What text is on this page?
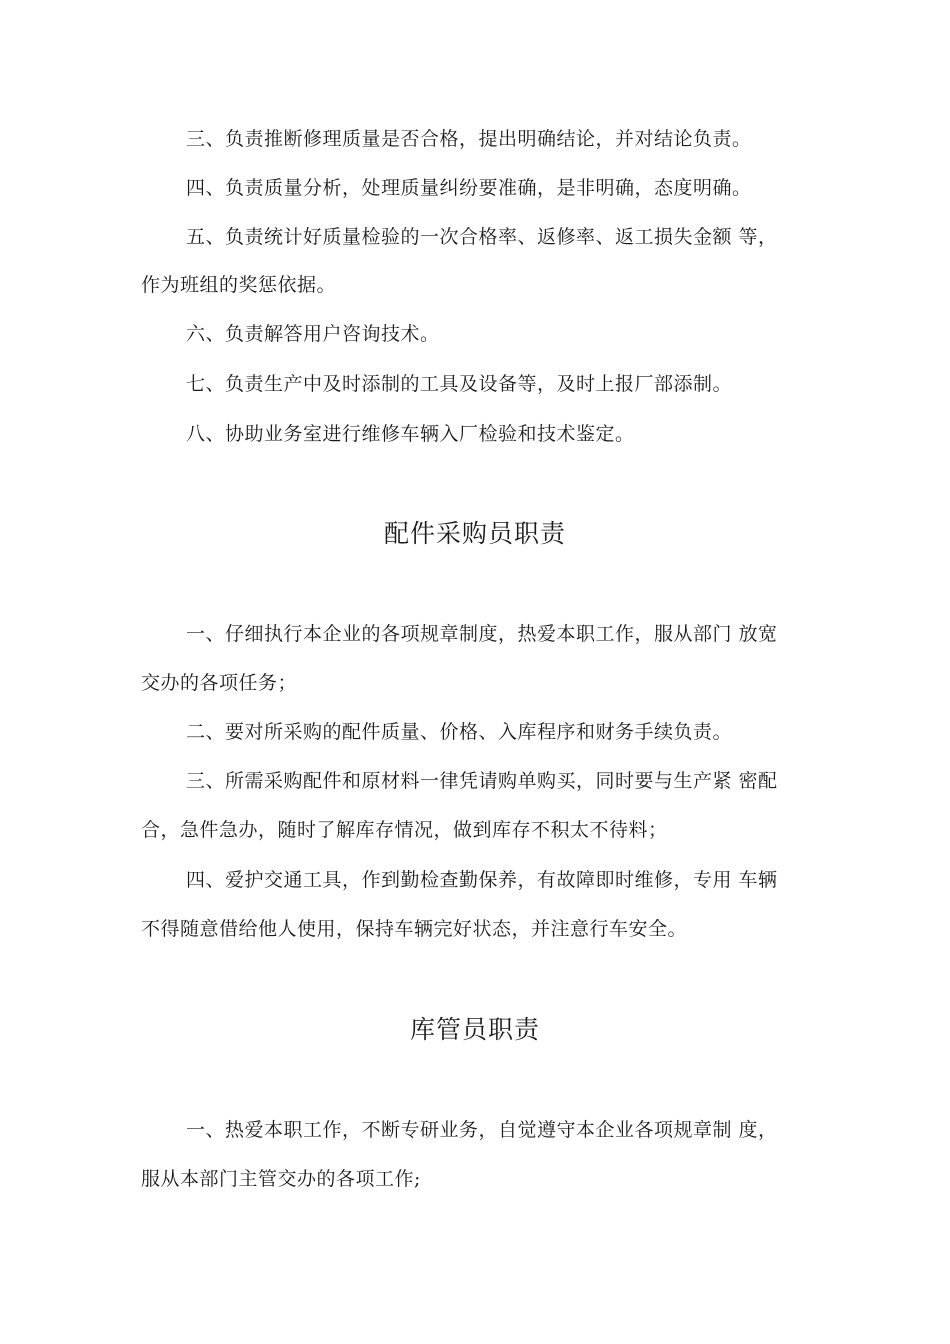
三、负责推断修理质量是否合格，提出明确结论，并对结论负责。
四、负责质量分析，处理质量纠纷要准确，是非明确，态度明确。
五、负责统计好质量检验的一次合格率、返修率、返工损失金额 等，
作为班组的奖惩依据。
六、负责解答用户咨询技术。
七、负责生产中及时添制的工具及设备等，及时上报厂部添制。
八、协助业务室进行维修车辆入厂检验和技术鉴定。
配件采购员职责
一、仔细执行本企业的各项规章制度，热爱本职工作，服从部门 放宽
交办的各项任务；
二、要对所采购的配件质量、价格、入库程序和财务手续负责。
三、所需采购配件和原材料一律凭请购单购买，同时要与生产紧 密配
合，急件急办，随时了解库存情况，做到库存不积太不待料；
四、爱护交通工具，作到勤检查勤保养，有故障即时维修，专用 车辆
不得随意借给他人使用，保持车辆完好状态，并注意行车安全。
库管员职责
一、热爱本职工作，不断专研业务，自觉遵守本企业各项规章制 度，
服从本部门主管交办的各项工作;
